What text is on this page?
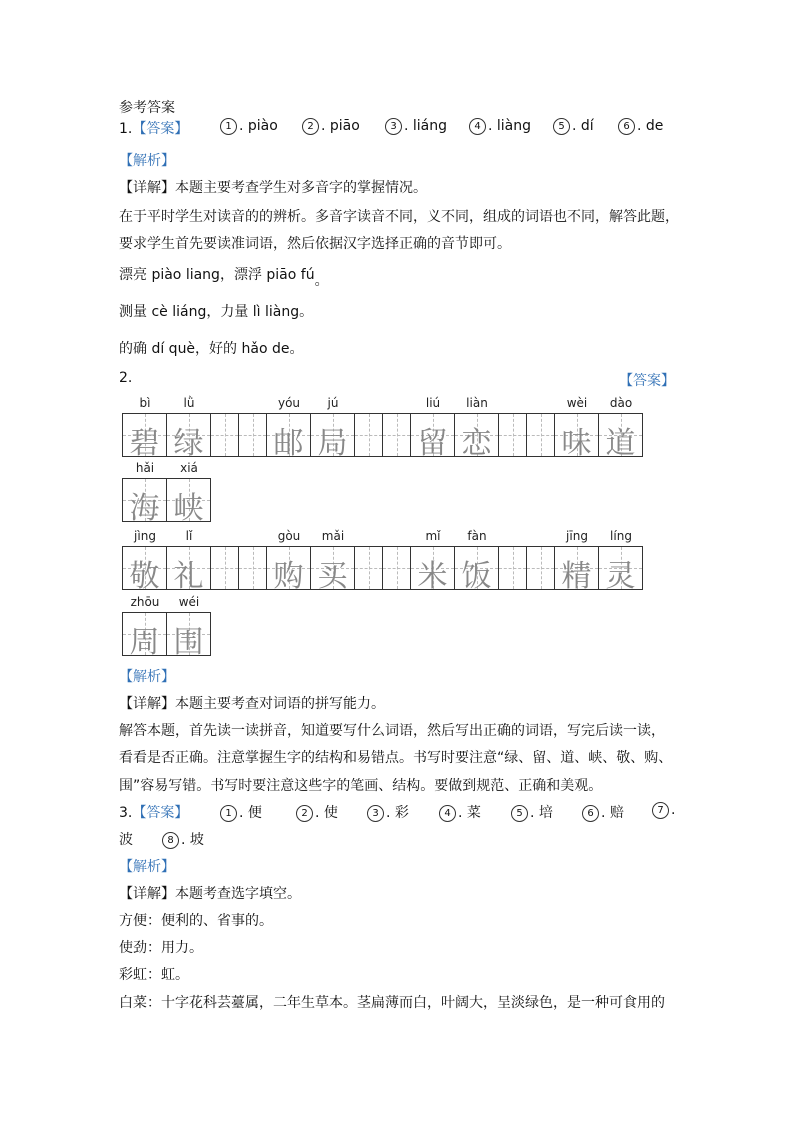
参考答案
1.【答案】	1 . piào	2 . piāo	3 . liáng	4 . liàng	5 . dí	6 . de
【解析】
【详解】本题主要考查学生对多音字的掌握情况。
在于平时学生对读音的的辨析。多音字读音不同，义不同，组成的词语也不同，解答此题，
要求学生首先要读准词语，然后依据汉字选择正确的音节即可。
漂亮 piào liang，漂浮 piāo fú。
测量 cè liáng，力量 lì liàng。
的确 dí què，好的 hǎo de。
2.	【答案】
bì	lǜ	yóu	jú	liú	liàn	wèi	dào
碧 绿 邮 局 留 恋 味 道
hǎi	xiá
海 峡
jìng	lǐ	gòu	mǎi	mǐ	fàn	jīng	líng
敬 礼 购 买 米 饭 精 灵
zhōu	wéi
周 围
【解析】
【详解】本题主要考查对词语的拼写能力。
解答本题，首先读一读拼音，知道要写什么词语，然后写出正确的词语，写完后读一读，
看看是否正确。注意掌握生字的结构和易错点。书写时要注意“绿、留、道、峡、敬、购、
围”容易写错。书写时要注意这些字的笔画、结构。要做到规范、正确和美观。
3.【答案】	1 . 便	2 . 使	3 . 彩	4 . 菜	5 . 培	6 . 赔	7 .
波	8 . 坡
【解析】
【详解】本题考查选字填空。
方便：便利的、省事的。
使劲：用力。
彩虹：虹。
白菜：十字花科芸薹属，二年生草本。茎扁薄而白，叶阔大，呈淡绿色，是一种可食用的
